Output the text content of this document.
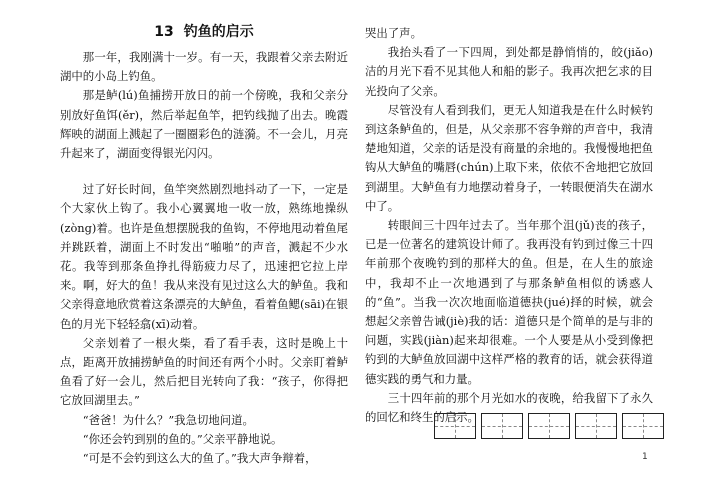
13 钓鱼的启示

那一年，我刚满十一岁。有一天，我跟着父亲去附近湖中的小岛上钓鱼。

那是鲈(lú)鱼捕捞开放日的前一个傍晚，我和父亲分别放好鱼饵(ěr)，然后举起鱼竿，把钓线抛了出去。晚霞辉映的湖面上溅起了一圈圈彩色的涟漪。不一会儿，月亮升起来了，湖面变得银光闪闪。

过了好长时间，鱼竿突然剧烈地抖动了一下，一定是个大家伙上钩了。我小心翼翼地一收一放，熟练地操纵(zòng)着。也许是鱼想摆脱我的鱼钩，不停地甩动着鱼尾并跳跃着，湖面上不时发出“啪啪”的声音，溅起不少水花。我等到那条鱼挣扎得筋疲力尽了，迅速把它拉上岸来。啊，好大的鱼！我从来没有见过这么大的鲈鱼。我和父亲得意地欣赏着这条漂亮的大鲈鱼，看着鱼鳃(sāi)在银色的月光下轻轻翕(xī)动着。

父亲划着了一根火柴，看了看手表，这时是晚上十点，距离开放捕捞鲈鱼的时间还有两个小时。父亲盯着鲈鱼看了好一会儿，然后把目光转向了我：“孩子，你得把它放回湖里去。”

“爸爸！为什么？”我急切地问道。

“你还会钓到别的鱼的。”父亲平静地说。

“可是不会钓到这么大的鱼了。”我大声争辩着，

哭出了声。

我抬头看了一下四周，到处都是静悄悄的，皎(jiǎo)洁的月光下看不见其他人和船的影子。我再次把乞求的目光投向了父亲。

尽管没有人看到我们，更无人知道我是在什么时候钓到这条鲈鱼的，但是，从父亲那不容争辩的声音中，我清楚地知道，父亲的话是没有商量的余地的。我慢慢地把鱼钩从大鲈鱼的嘴唇(chún)上取下来，依依不舍地把它放回到湖里。大鲈鱼有力地摆动着身子，一转眼便消失在湖水中了。

转眼间三十四年过去了。当年那个沮(jǔ)丧的孩子，已是一位著名的建筑设计师了。我再没有钓到过像三十四年前那个夜晚钓到的那样大的鱼。但是，在人生的旅途中，我却不止一次地遇到了与那条鲈鱼相似的诱惑人的“鱼”。当我一次次地面临道德抉(jué)择的时候，就会想起父亲曾告诫(jiè)我的话：道德只是个简单的是与非的问题，实践(jiàn)起来却很难。一个人要是从小受到像把钓到的大鲈鱼放回湖中这样严格的教育的话，就会获得道德实践的勇气和力量。

三十四年前的那个月光如水的夜晚，给我留下了永久的回忆和终生的启示。

1
